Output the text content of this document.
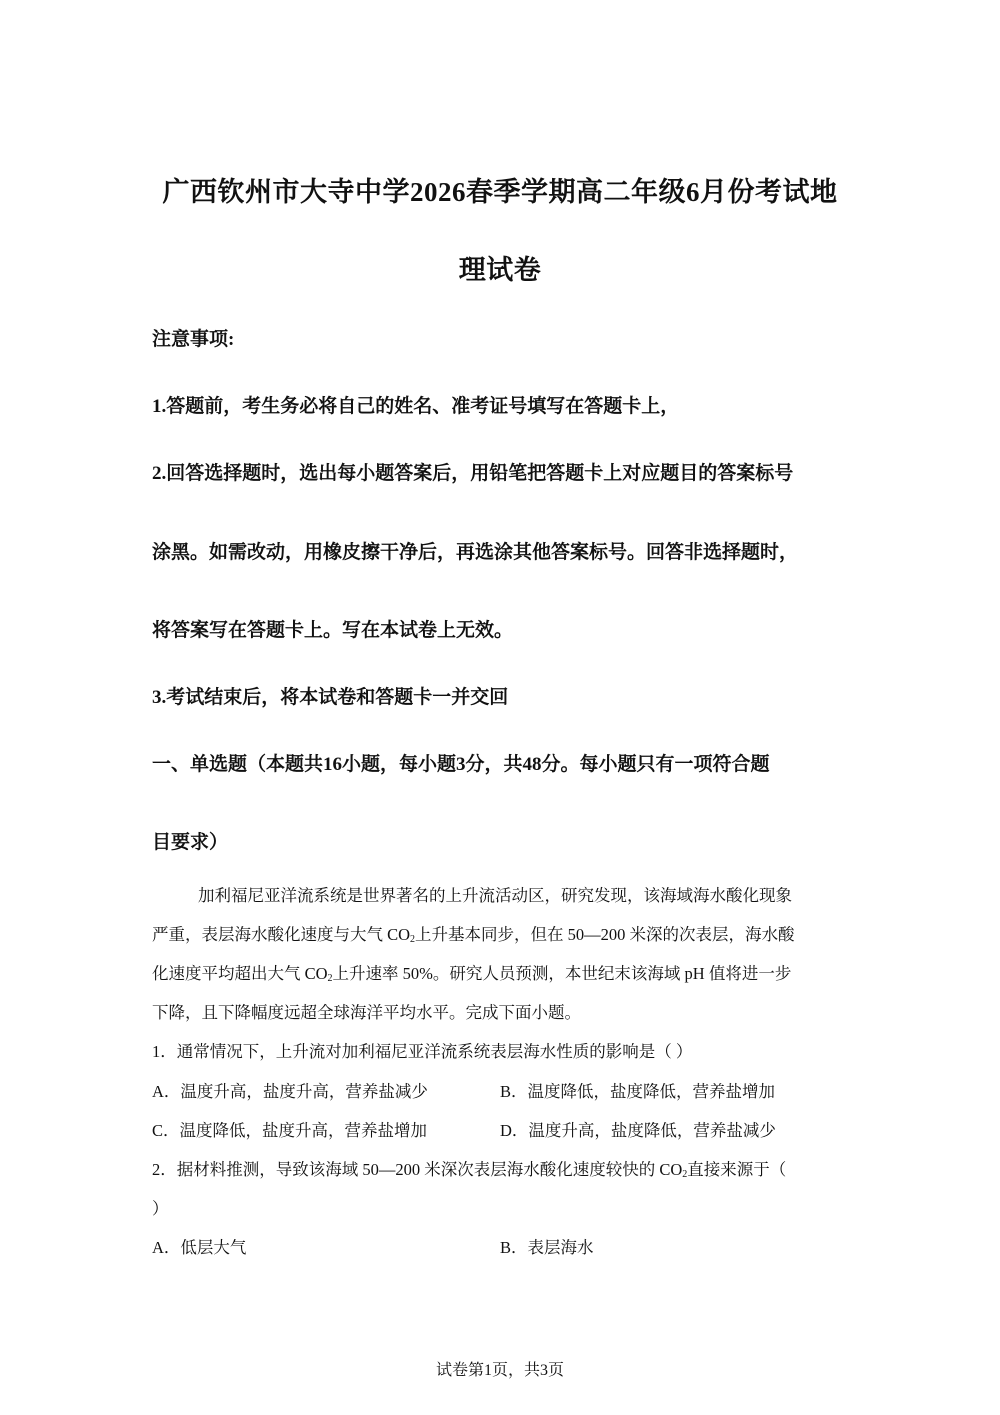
广西钦州市大寺中学2026春季学期高二年级6月份考试地
理试卷
注意事项:
1.答题前，考生务必将自己的姓名、准考证号填写在答题卡上，
2.回答选择题时，选出每小题答案后，用铅笔把答题卡上对应题目的答案标号
涂黑。如需改动，用橡皮擦干净后，再选涂其他答案标号。回答非选择题时，
将答案写在答题卡上。写在本试卷上无效。
3.考试结束后，将本试卷和答题卡一并交回
一、单选题（本题共16小题，每小题3分，共48分。每小题只有一项符合题
目要求）
加利福尼亚洋流系统是世界著名的上升流活动区，研究发现，该海域海水酸化现象
严重，表层海水酸化速度与大气 $CO_2$上升基本同步，但在 50—200 米深的次表层，海水酸
化速度平均超出大气 $CO_2$上升速率 50%。研究人员预测，本世纪末该海域 pH 值将进一步
下降，且下降幅度远超全球海洋平均水平。完成下面小题。
1．通常情况下，上升流对加利福尼亚洋流系统表层海水性质的影响是（ ）
A．温度升高，盐度升高，营养盐减少	B．温度降低，盐度降低，营养盐增加
C．温度降低，盐度升高，营养盐增加	D．温度升高，盐度降低，营养盐减少
2．据材料推测，导致该海域 50—200 米深次表层海水酸化速度较快的 $CO_2$直接来源于（
）
A．低层大气	B．表层海水
试卷第1页，共3页
